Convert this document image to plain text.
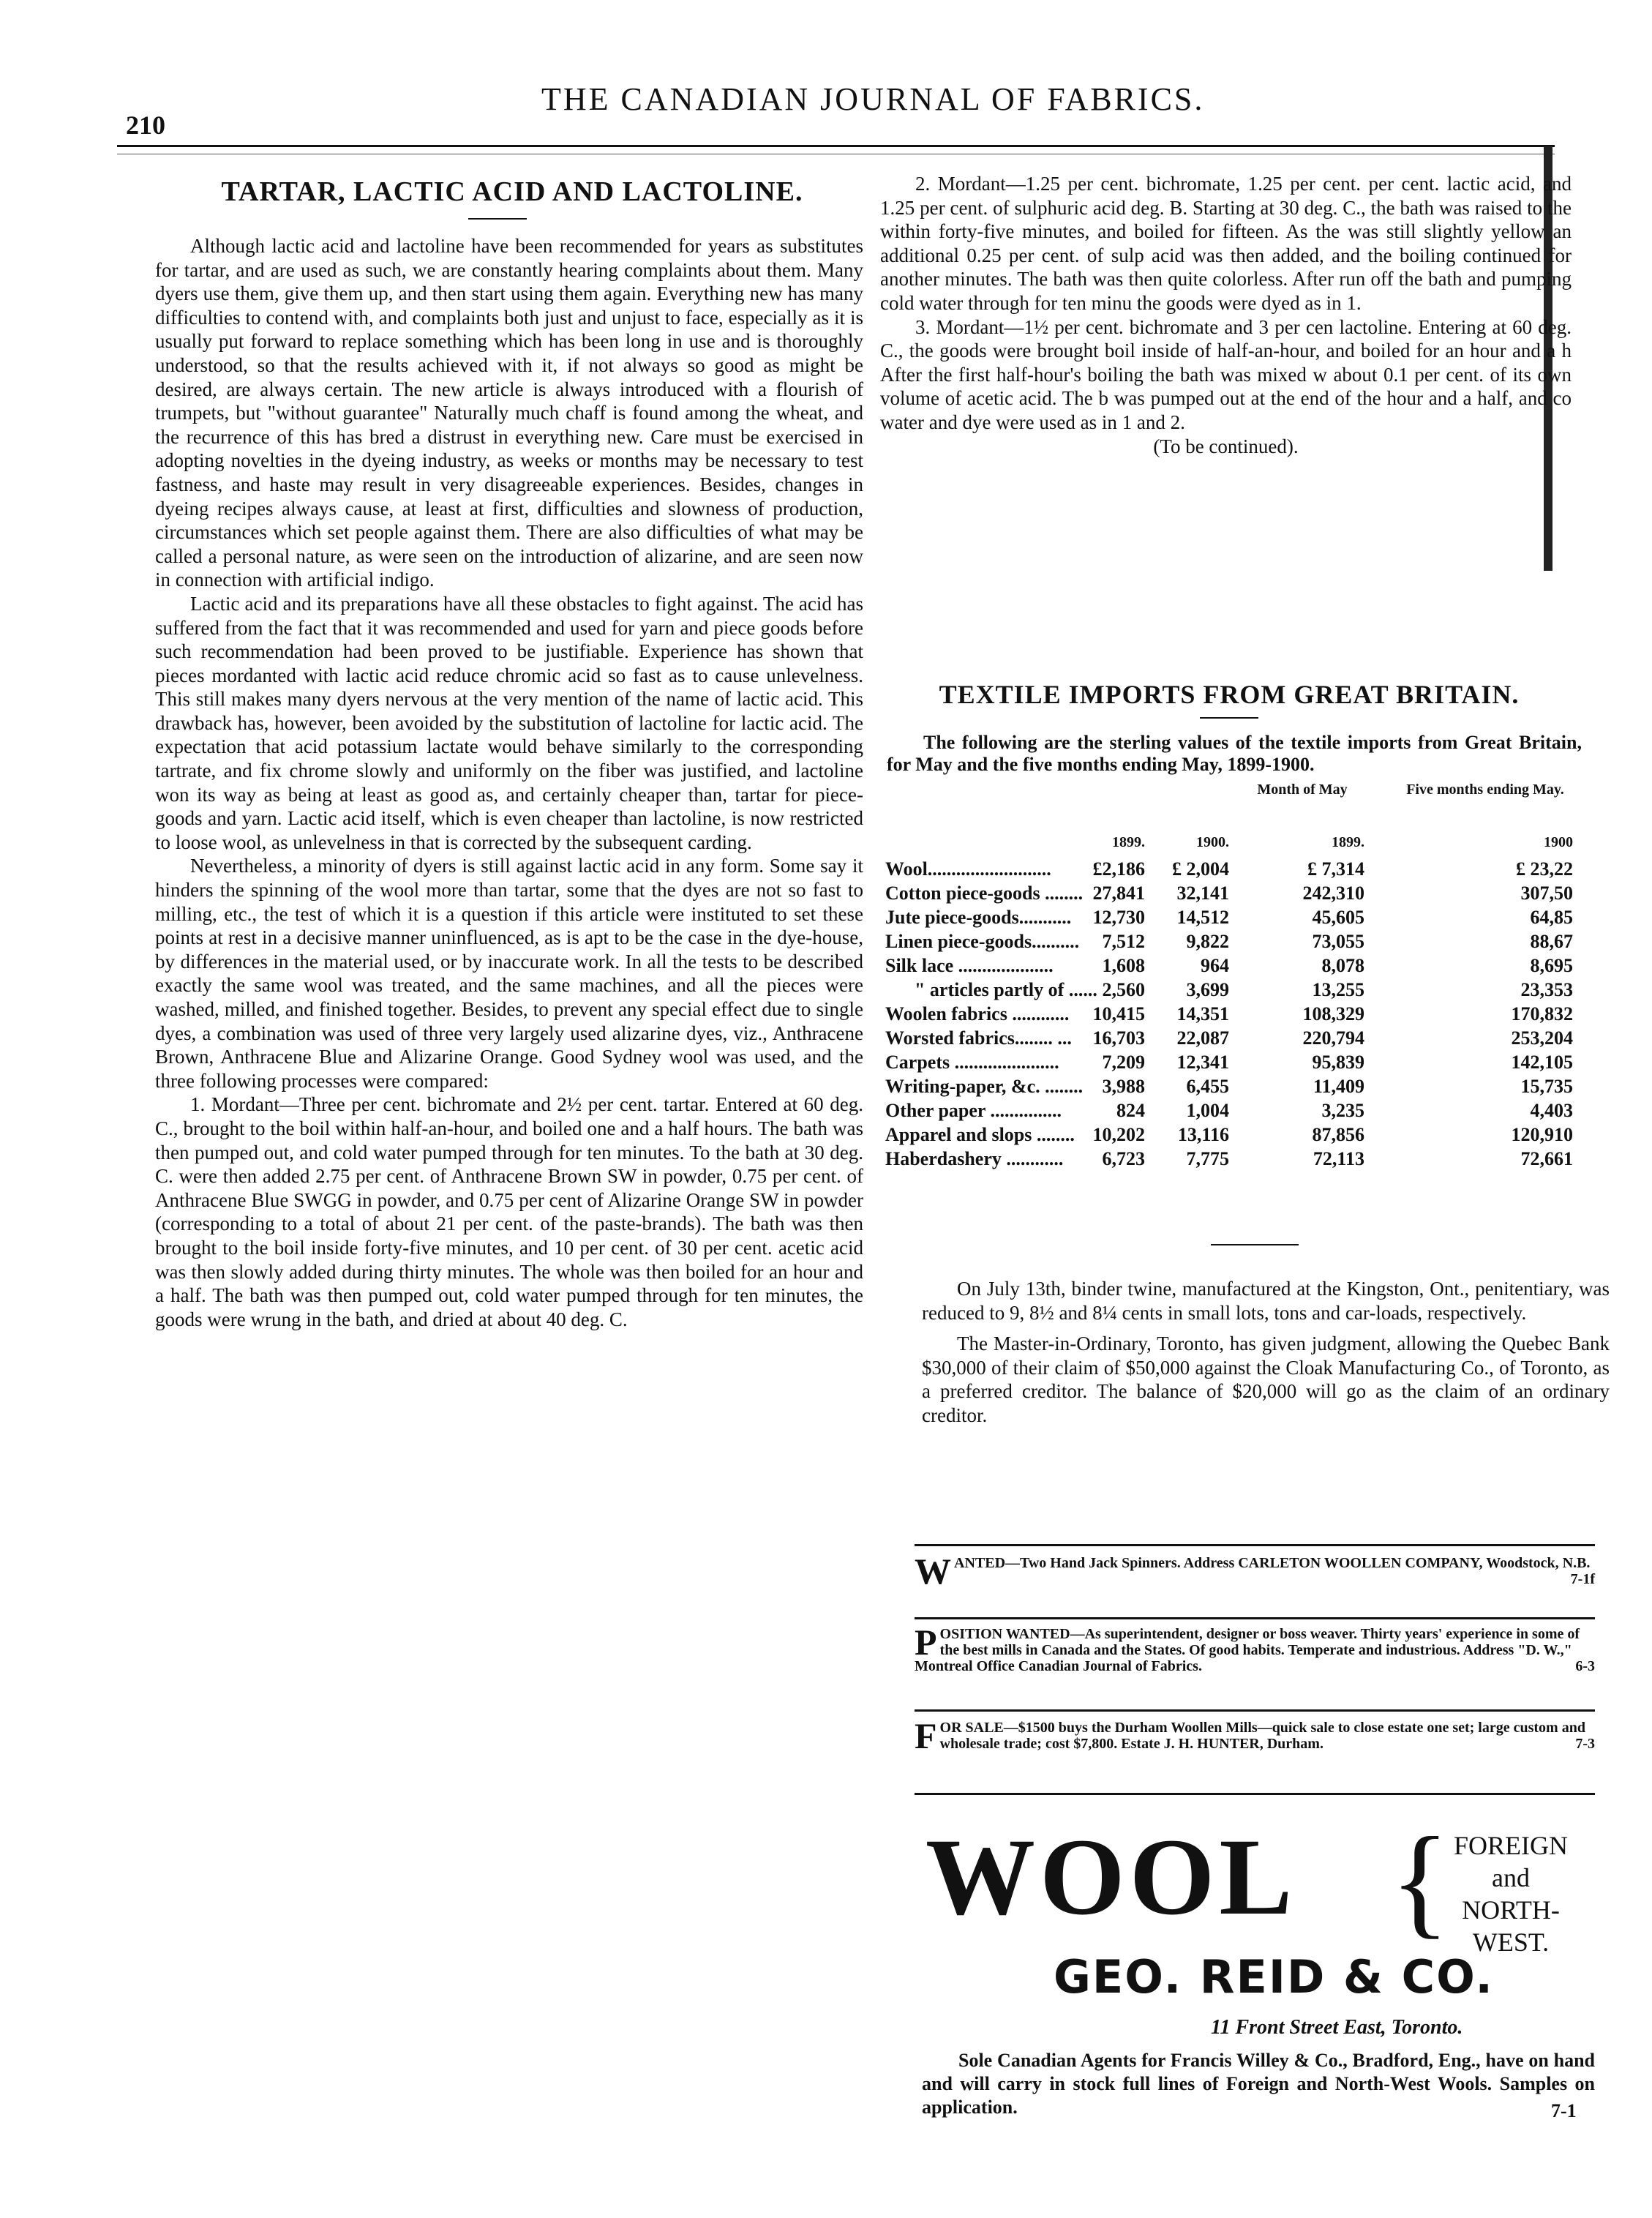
210
THE CANADIAN JOURNAL OF FABRICS.
TARTAR, LACTIC ACID AND LACTOLINE.

Although lactic acid and lactoline have been recommended for years as substitutes for tartar, and are used as such, we are constantly hearing complaints about them. Many dyers use them, give them up, and then start using them again. Everything new has many difficulties to contend with, and complaints both just and unjust to face, especially as it is usually put forward to replace something which has been long in use and is thoroughly understood, so that the results achieved with it, if not always so good as might be desired, are always certain. The new article is always introduced with a flourish of trumpets, but "without guarantee" Naturally much chaff is found among the wheat, and the recurrence of this has bred a distrust in everything new. Care must be exercised in adopting novelties in the dyeing industry, as weeks or months may be necessary to test fastness, and haste may result in very disagreeable experiences. Besides, changes in dyeing recipes always cause, at least at first, difficulties and slowness of production, circumstances which set people against them. There are also difficulties of what may be called a personal nature, as were seen on the introduction of alizarine, and are seen now in connection with artificial indigo.

Lactic acid and its preparations have all these obstacles to fight against. The acid has suffered from the fact that it was recommended and used for yarn and piece goods before such recommendation had been proved to be justifiable. Experience has shown that pieces mordanted with lactic acid reduce chromic acid so fast as to cause unlevelness. This still makes many dyers nervous at the very mention of the name of lactic acid. This drawback has, however, been avoided by the substitution of lactoline for lactic acid. The expectation that acid potassium lactate would behave similarly to the corresponding tartrate, and fix chrome slowly and uniformly on the fiber was justified, and lactoline won its way as being at least as good as, and certainly cheaper than, tartar for piece-goods and yarn. Lactic acid itself, which is even cheaper than lactoline, is now restricted to loose wool, as unlevelness in that is corrected by the subsequent carding.

Nevertheless, a minority of dyers is still against lactic acid in any form. Some say it hinders the spinning of the wool more than tartar, some that the dyes are not so fast to milling, etc., the test of which it is a question if this article were instituted to set these points at rest in a decisive manner uninfluenced, as is apt to be the case in the dye-house, by differences in the material used, or by inaccurate work. In all the tests to be described exactly the same wool was treated, and the same machines, and all the pieces were washed, milled, and finished together. Besides, to prevent any special effect due to single dyes, a combination was used of three very largely used alizarine dyes, viz., Anthracene Brown, Anthracene Blue and Alizarine Orange. Good Sydney wool was used, and the three following processes were compared:

1. Mordant—Three per cent. bichromate and 2½ per cent. tartar. Entered at 60 deg. C., brought to the boil within half-an-hour, and boiled one and a half hours. The bath was then pumped out, and cold water pumped through for ten minutes. To the bath at 30 deg. C. were then added 2.75 per cent. of Anthracene Brown SW in powder, 0.75 per cent. of Anthracene Blue SWGG in powder, and 0.75 per cent of Alizarine Orange SW in powder (corresponding to a total of about 21 per cent. of the paste-brands). The bath was then brought to the boil inside forty-five minutes, and 10 per cent. of 30 per cent. acetic acid was then slowly added during thirty minutes. The whole was then boiled for an hour and a half. The bath was then pumped out, cold water pumped through for ten minutes, the goods were wrung in the bath, and dried at about 40 deg. C.

2. Mordant—1.25 per cent. bichromate, 1.25 per cent. per cent. lactic acid, and 1.25 per cent. of sulphuric acid deg. B. Starting at 30 deg. C., the bath was raised to the within forty-five minutes, and boiled for fifteen. As the was still slightly yellow an additional 0.25 per cent. of sulp acid was then added, and the boiling continued for another minutes. The bath was then quite colorless. After run off the bath and pumping cold water through for ten minu the goods were dyed as in 1.

3. Mordant—1½ per cent. bichromate and 3 per cen lactoline. Entering at 60 deg. C., the goods were brought boil inside of half-an-hour, and boiled for an hour and a h After the first half-hour's boiling the bath was mixed w about 0.1 per cent. of its own volume of acetic acid. The b was pumped out at the end of the hour and a half, and co water and dye were used as in 1 and 2.

(To be continued).

TEXTILE IMPORTS FROM GREAT BRITAIN.

The following are the sterling values of the textile imports from Great Britain, for May and the five months ending May, 1899-1900.

Month of May	Five months ending May.
1899.	1900.	1899.	1900
Wool..........................	£2,186 £ 2,004	£ 7,314	£ 23,22
Cotton piece-goods ........ 27,841 32,141	242,310	307,50
Jute piece-goods...........	12,730 14,512	45,605	64,85
Linen piece-goods..........	7,512 9,822	73,055	88,67
Silk lace ....................	1,608	964	8,078	8,695
" articles partly of ...... 2,560 3,699	13,255	23,353
Woolen fabrics ............	10,415 14,351	108,329	170,832
Worsted fabrics........ ...	16,703 22,087	220,794	253,204
Carpets ......................	7,209 12,341	95,839	142,105
Writing-paper, &c. ........	3,988 6,455	11,409	15,735
Other paper ...............	824 1,004	3,235	4,403
Apparel and slops ........ 10,202 13,116	87,856	120,910
Haberdashery ............	6,723 7,775	72,113	72,661

On July 13th, binder twine, manufactured at the Kingston, Ont., penitentiary, was reduced to 9, 8½ and 8¼ cents in small lots, tons and car-loads, respectively.

The Master-in-Ordinary, Toronto, has given judgment, allowing the Quebec Bank $30,000 of their claim of $50,000 against the Cloak Manufacturing Co., of Toronto, as a preferred creditor. The balance of $20,000 will go as the claim of an ordinary creditor.

WANTED—Two Hand Jack Spinners. Address CARLETON WOOLLEN COMPANY, Woodstock, N.B.
7-1f
POSITION WANTED—As superintendent, designer or boss weaver. Thirty years' experience in some of the best mills in Canada and the States. Of good habits. Temperate and industrious. Address "D. W.," Montreal Office Canadian Journal of Fabrics.	6-3
FOR SALE—$1500 buys the Durham Woollen Mills—quick sale to close estate one set; large custom and wholesale trade; cost $7,800. Estate J. H. HUNTER, Durham.	7-3
WOOL { FOREIGN
and
NORTH-WEST.
GEO. REID & CO.
11 Front Street East, Toronto.

Sole Canadian Agents for Francis Willey & Co., Bradford, Eng., have on hand and will carry in stock full lines of Foreign and North-West Wools. Samples on application.	7-1
